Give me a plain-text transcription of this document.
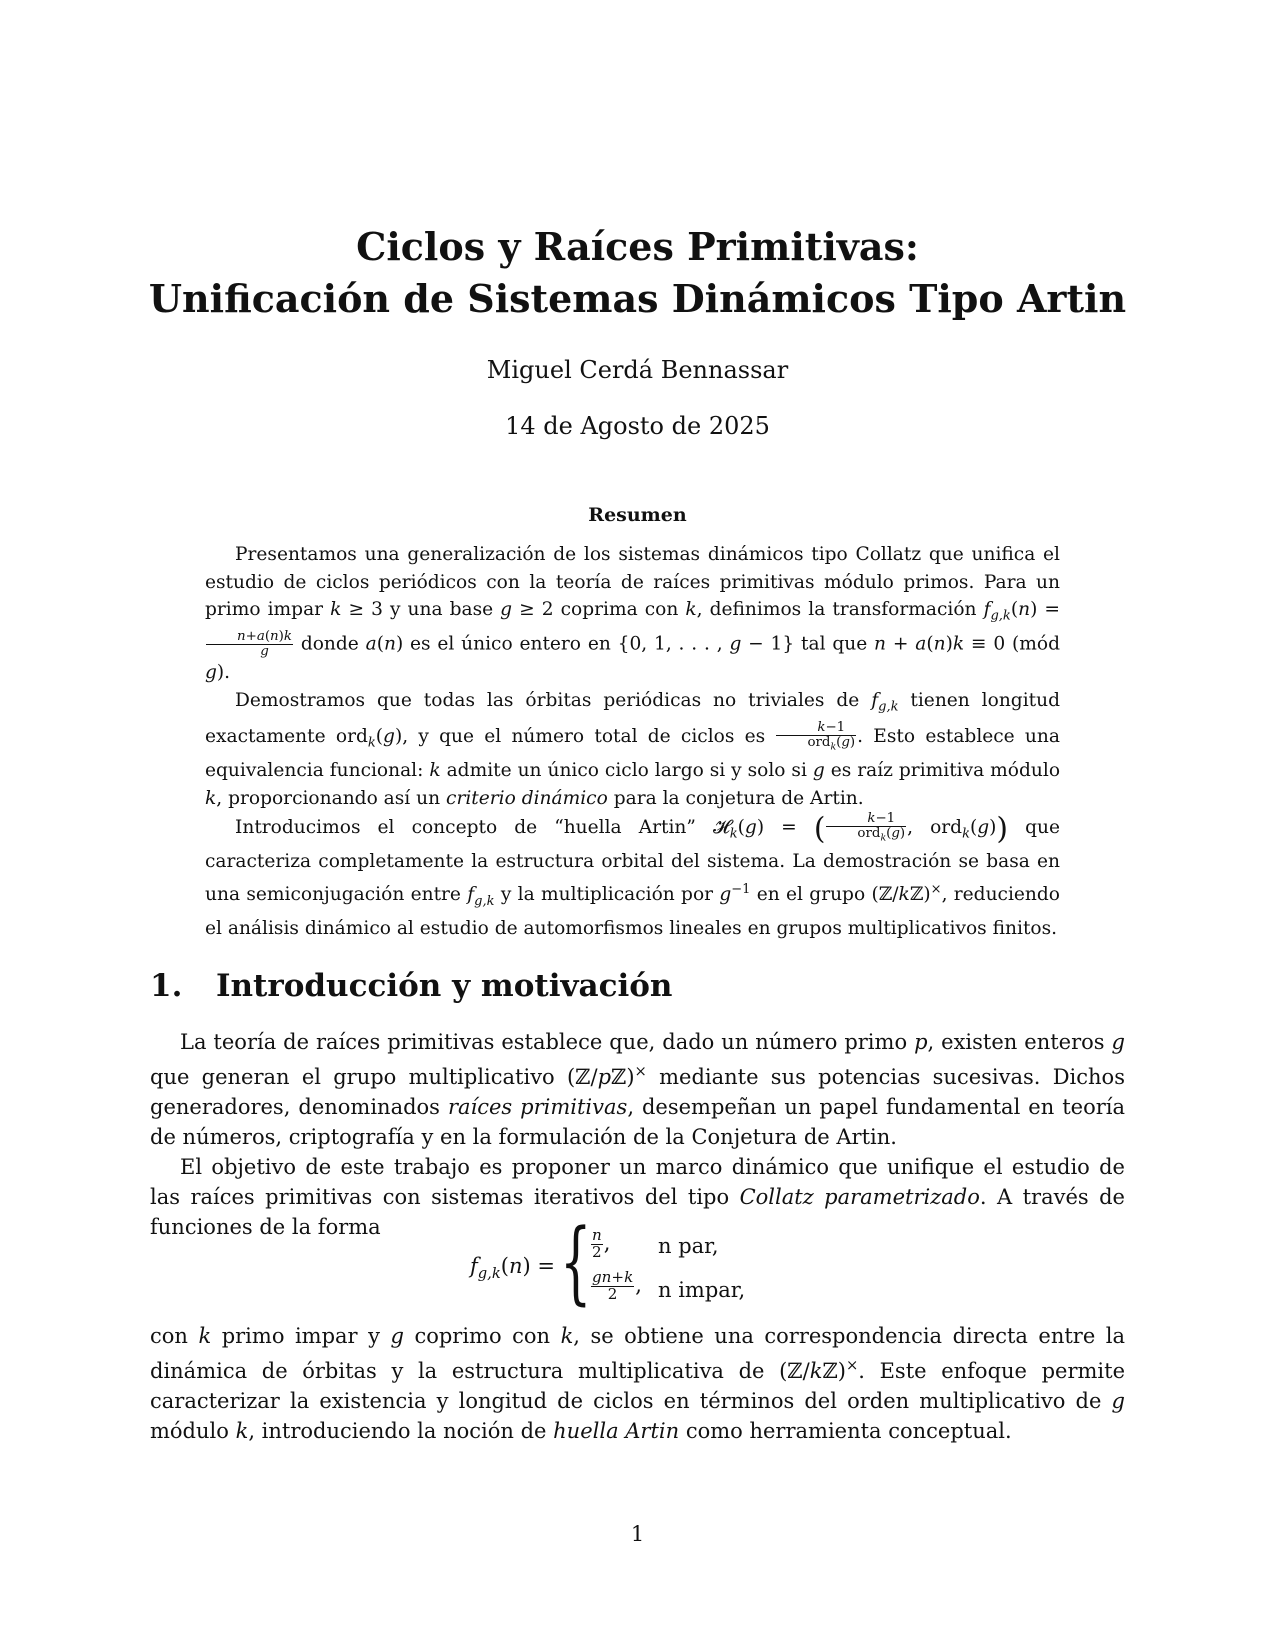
Ciclos y Raíces Primitivas:
Unificación de Sistemas Dinámicos Tipo Artin
Miguel Cerdá Bennassar
14 de Agosto de 2025
Resumen

Presentamos una generalización de los sistemas dinámicos tipo Collatz que unifica el estudio de ciclos periódicos con la teoría de raíces primitivas módulo primos. Para un primo impar k ≥ 3 y una base g ≥ 2 coprima con k, definimos la transformación $f_{g,k}(n)$ =
$\frac{n+a(n)k}{g}$ donde a(n) es el único entero en {0, 1, . . . , g − 1} tal que n + a(n)k ≡ 0 (mód g).

Demostramos que todas las órbitas periódicas no triviales de $f_{g,k}$ tienen longitud exactamente ord$_k$(g), y que el número total de ciclos es $\frac{k-1}{ord_k(g)}$ . Esto establece una equivalencia funcional: k admite un único ciclo largo si y solo si g es raíz primitiva módulo k, proporcionando así un criterio dinámico para la conjetura de Artin.

Introducimos el concepto de “huella Artin” 𝓗$_k$(g) = ( $\frac{k-1}{ord_k(g)}$ , ord$_k$(g)) que caracteriza completamente la estructura orbital del sistema. La demostración se basa en una semiconjugación entre $f_{g,k}$ y la multiplicación por $g^{-1}$ en el grupo (ℤ/kℤ)×, reduciendo el análisis dinámico al estudio de automorfismos lineales en grupos multiplicativos finitos.

1. Introducción y motivación

La teoría de raíces primitivas establece que, dado un número primo p, existen enteros g que generan el grupo multiplicativo (ℤ/pℤ)× mediante sus potencias sucesivas. Dichos generadores, denominados raíces primitivas, desempeñan un papel fundamental en teoría de números, criptografía y en la formulación de la Conjetura de Artin.

El objetivo de este trabajo es proponer un marco dinámico que unifique el estudio de las raíces primitivas con sistemas iterativos del tipo Collatz parametrizado. A través de funciones de la forma

$f_{g,k}(n)$ = { $\frac{n}{2}$ ,
$\frac{gn+k}{2}$ ,
n par,
n impar,

con k primo impar y g coprimo con k, se obtiene una correspondencia directa entre la dinámica de órbitas y la estructura multiplicativa de (ℤ/kℤ)×. Este enfoque permite caracterizar la existencia y longitud de ciclos en términos del orden multiplicativo de g módulo k, introduciendo la noción de huella Artin como herramienta conceptual.

1
